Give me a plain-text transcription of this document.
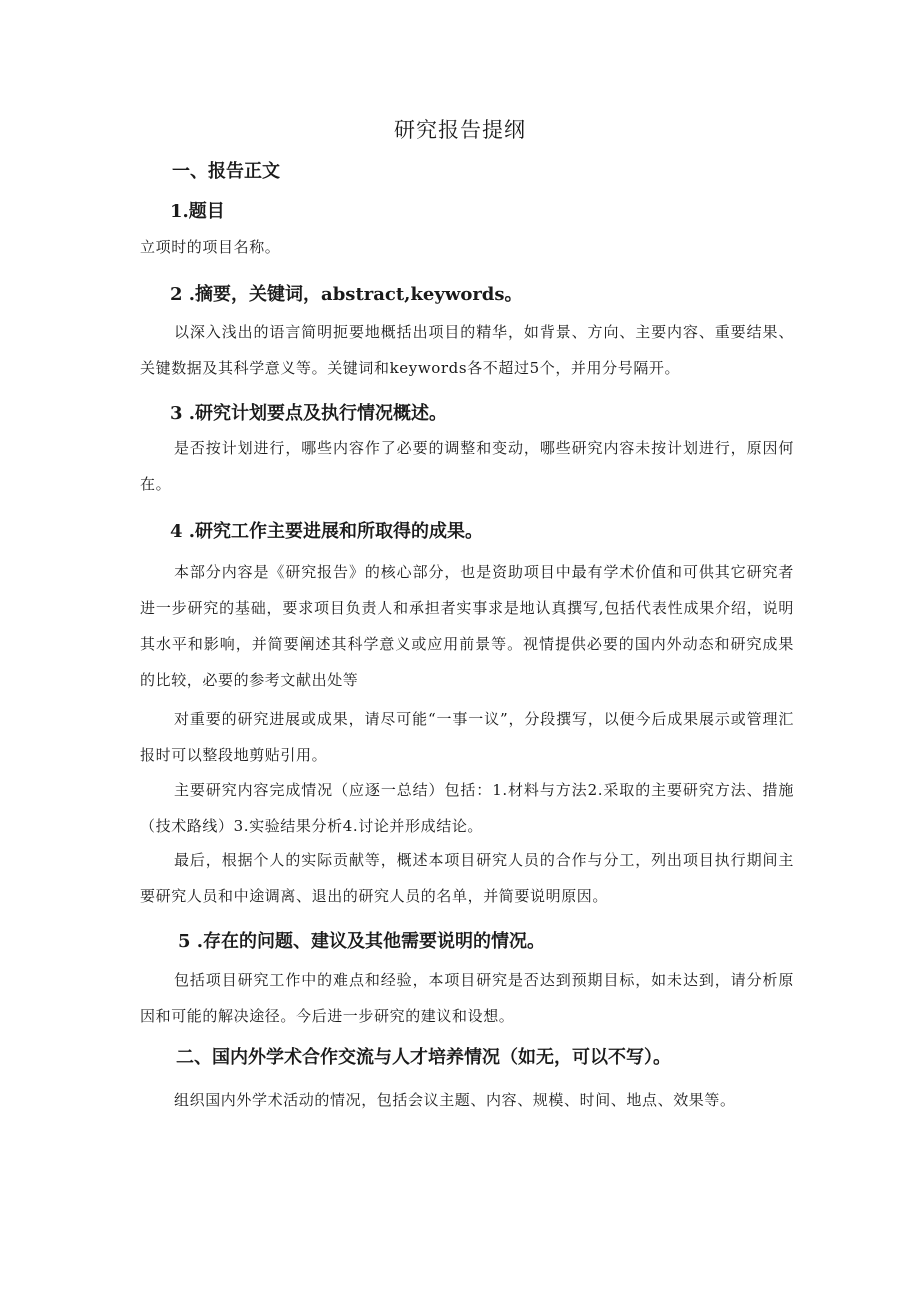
研究报告提纲
一、报告正文
1.题目

立项时的项目名称。

2 .摘要，关键词，abstract,keywords。

以深入浅出的语言简明扼要地概括出项目的精华，如背景、方向、主要内容、重要结果、关键数据及其科学意义等。关键词和keywords各不超过5个，并用分号隔开。

3 .研究计划要点及执行情况概述。

是否按计划进行，哪些内容作了必要的调整和变动，哪些研究内容未按计划进行，原因何在。

4 .研究工作主要进展和所取得的成果。

本部分内容是《研究报告》的核心部分，也是资助项目中最有学术价值和可供其它研究者进一步研究的基础，要求项目负责人和承担者实事求是地认真撰写,包括代表性成果介绍，说明其水平和影响，并简要阐述其科学意义或应用前景等。视情提供必要的国内外动态和研究成果的比较，必要的参考文献出处等

对重要的研究进展或成果，请尽可能“一事一议”，分段撰写，以便今后成果展示或管理汇报时可以整段地剪贴引用。

主要研究内容完成情况（应逐一总结）包括：1.材料与方法2.采取的主要研究方法、措施（技术路线）3.实验结果分析4.讨论并形成结论。

最后，根据个人的实际贡献等，概述本项目研究人员的合作与分工，列出项目执行期间主要研究人员和中途调离、退出的研究人员的名单，并简要说明原因。

5 .存在的问题、建议及其他需要说明的情况。

包括项目研究工作中的难点和经验，本项目研究是否达到预期目标，如未达到，请分析原因和可能的解决途径。今后进一步研究的建议和设想。

二、国内外学术合作交流与人才培养情况（如无，可以不写）。

组织国内外学术活动的情况，包括会议主题、内容、规模、时间、地点、效果等。
